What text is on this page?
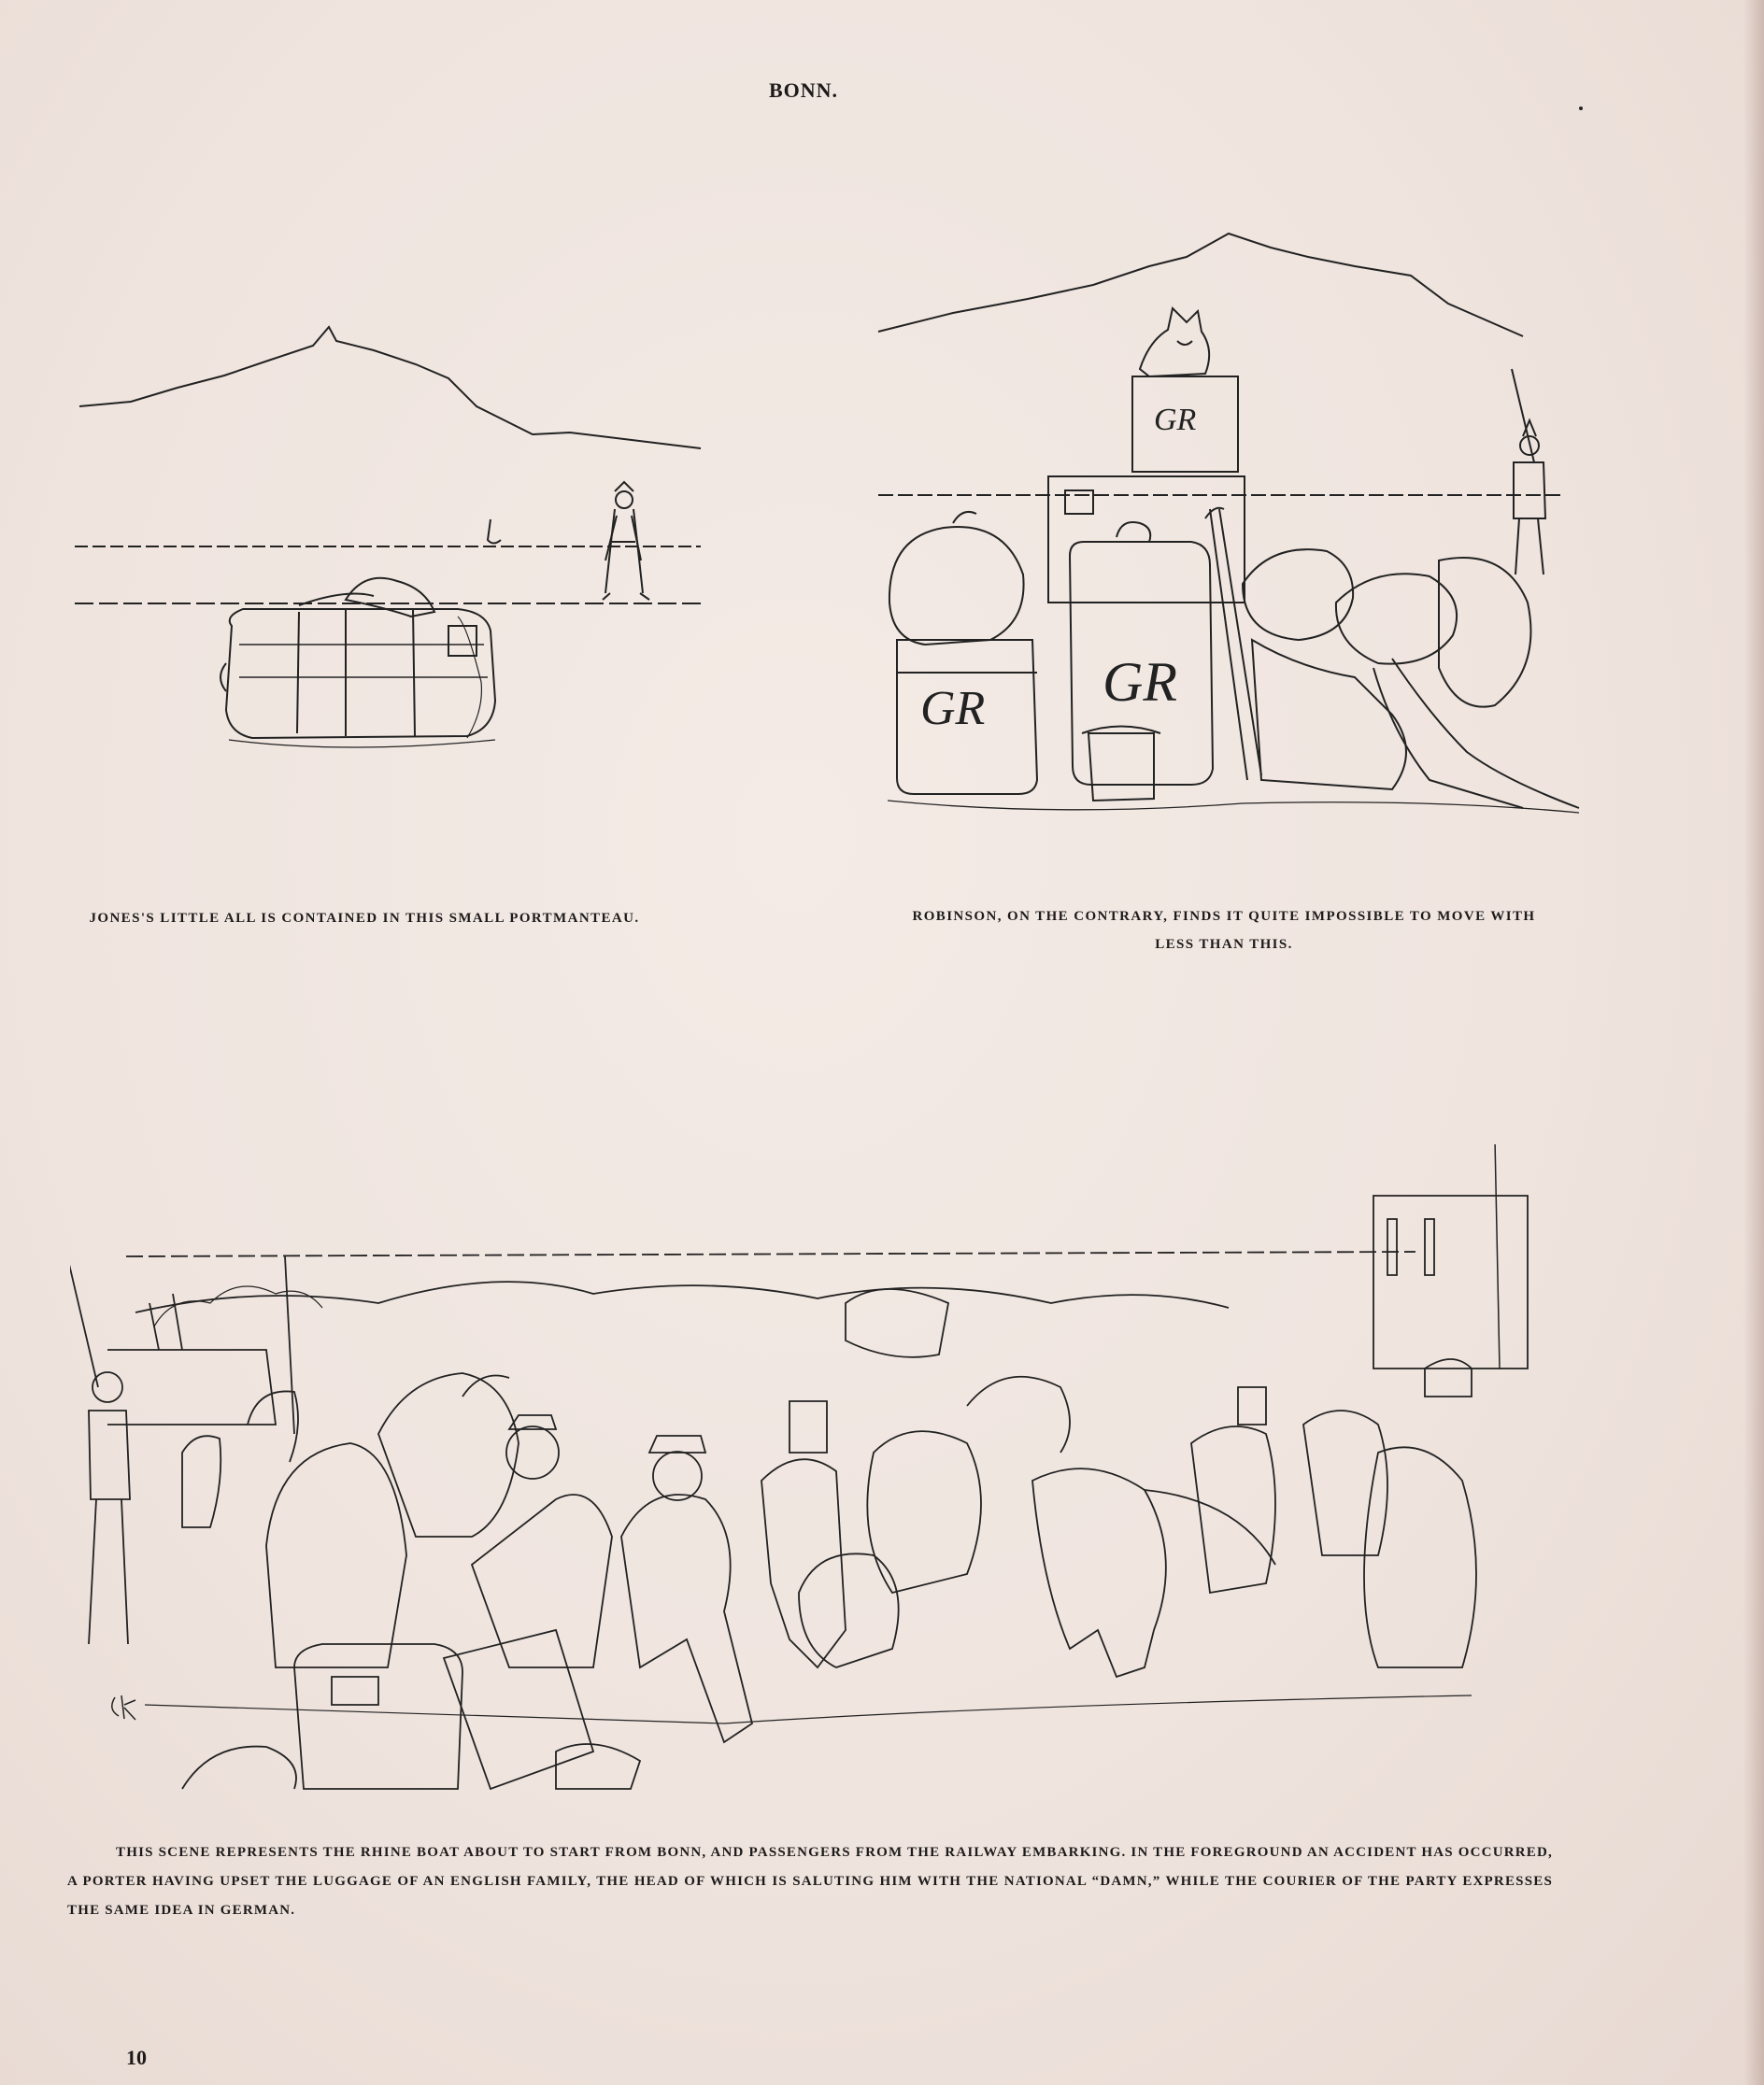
BONN.
GR
GR
GR
JONES'S LITTLE ALL IS CONTAINED IN THIS SMALL PORTMANTEAU.	ROBINSON, ON THE CONTRARY, FINDS IT QUITE IMPOSSIBLE TO MOVE WITH LESS THAN THIS.
THIS SCENE REPRESENTS THE RHINE BOAT ABOUT TO START FROM BONN, AND PASSENGERS FROM THE RAILWAY EMBARKING. IN THE FOREGROUND AN ACCIDENT HAS OCCURRED, A PORTER HAVING UPSET THE LUGGAGE OF AN ENGLISH FAMILY, THE HEAD OF WHICH IS SALUTING HIM WITH THE NATIONAL “DAMN,” WHILE THE COURIER OF THE PARTY EXPRESSES THE SAME IDEA IN GERMAN.
10
